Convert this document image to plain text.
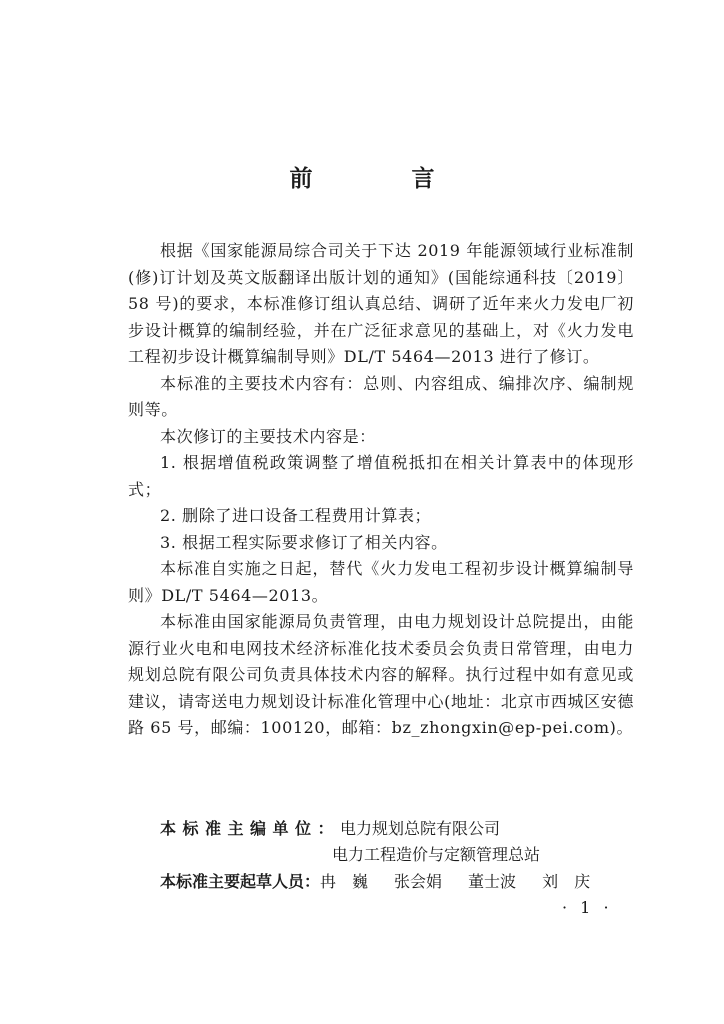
前　言

根据《国家能源局综合司关于下达 2019 年能源领域行业标准制(修)订计划及英文版翻译出版计划的通知》(国能综通科技〔2019〕58 号)的要求，本标准修订组认真总结、调研了近年来火力发电厂初步设计概算的编制经验，并在广泛征求意见的基础上，对《火力发电工程初步设计概算编制导则》DL/T 5464—2013 进行了修订。

本标准的主要技术内容有：总则、内容组成、编排次序、编制规则等。

本次修订的主要技术内容是：

1. 根据增值税政策调整了增值税抵扣在相关计算表中的体现形式；

2. 删除了进口设备工程费用计算表；

3. 根据工程实际要求修订了相关内容。

本标准自实施之日起，替代《火力发电工程初步设计概算编制导则》DL/T 5464—2013。

本标准由国家能源局负责管理，由电力规划设计总院提出，由能源行业火电和电网技术经济标准化技术委员会负责日常管理，由电力规划总院有限公司负责具体技术内容的解释。执行过程中如有意见或建议，请寄送电力规划设计标准化管理中心(地址：北京市西城区安德路 65 号，邮编：100120，邮箱：bz_zhongxin@ep-pei.com)。

本标准主编单位：电力规划总院有限公司
电力工程造价与定额管理总站
本标准主要起草人员：冉　巍 张会娟 董士波 刘　庆
· 1 ·
